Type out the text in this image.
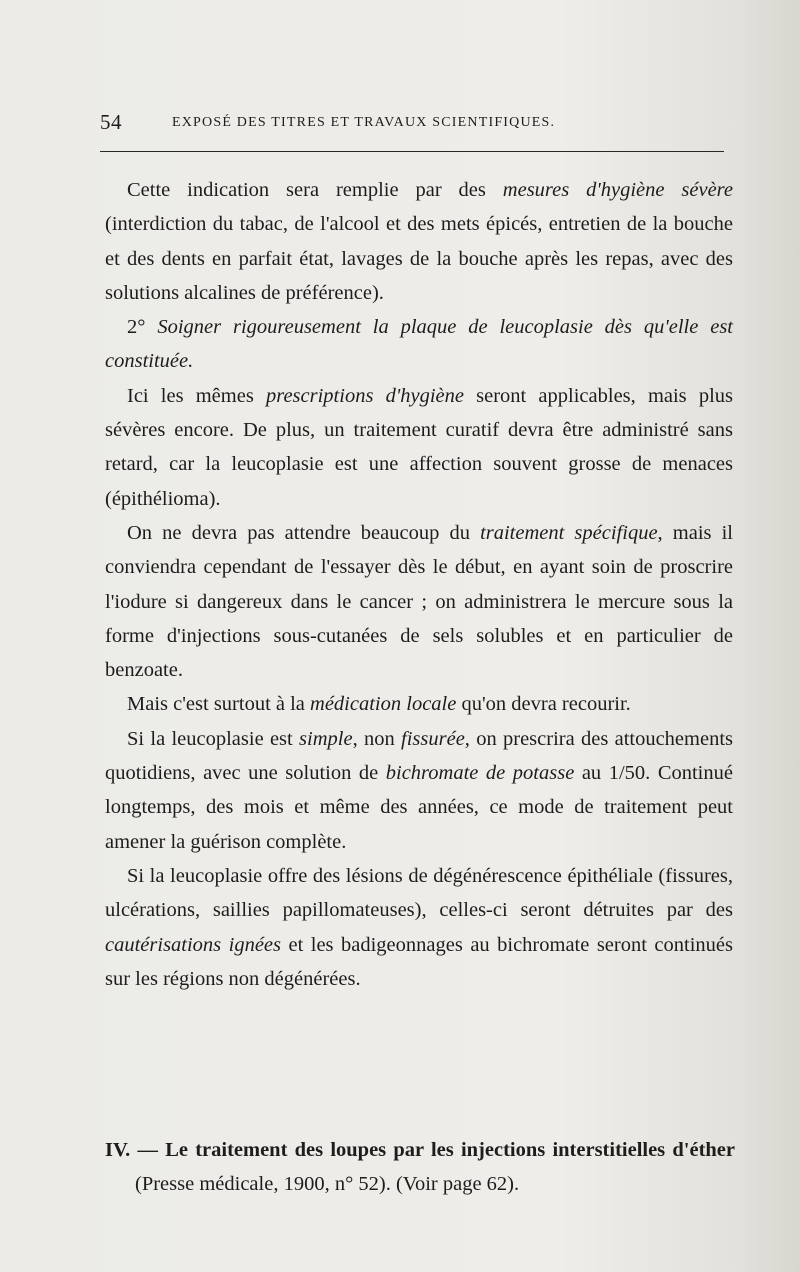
54	EXPOSÉ DES TITRES ET TRAVAUX SCIENTIFIQUES.

Cette indication sera remplie par des mesures d'hygiène sévère (interdiction du tabac, de l'alcool et des mets épicés, entretien de la bouche et des dents en parfait état, lavages de la bouche après les repas, avec des solutions alcalines de préférence).

2° Soigner rigoureusement la plaque de leucoplasie dès qu'elle est constituée.

Ici les mêmes prescriptions d'hygiène seront applicables, mais plus sévères encore. De plus, un traitement curatif devra être administré sans retard, car la leucoplasie est une affection souvent grosse de menaces (épithélioma).

On ne devra pas attendre beaucoup du traitement spécifique, mais il conviendra cependant de l'essayer dès le début, en ayant soin de proscrire l'iodure si dangereux dans le cancer ; on administrera le mercure sous la forme d'injections sous-cutanées de sels solubles et en particulier de benzoate.

Mais c'est surtout à la médication locale qu'on devra recourir.

Si la leucoplasie est simple, non fissurée, on prescrira des attouchements quotidiens, avec une solution de bichromate de potasse au 1/50. Continué longtemps, des mois et même des années, ce mode de traitement peut amener la guérison complète.

Si la leucoplasie offre des lésions de dégénérescence épithéliale (fissures, ulcérations, saillies papillomateuses), celles-ci seront détruites par des cautérisations ignées et les badigeonnages au bichromate seront continués sur les régions non dégénérées.

IV. — Le traitement des loupes par les injections interstitielles d'éther (Presse médicale, 1900, n° 52). (Voir page 62).
